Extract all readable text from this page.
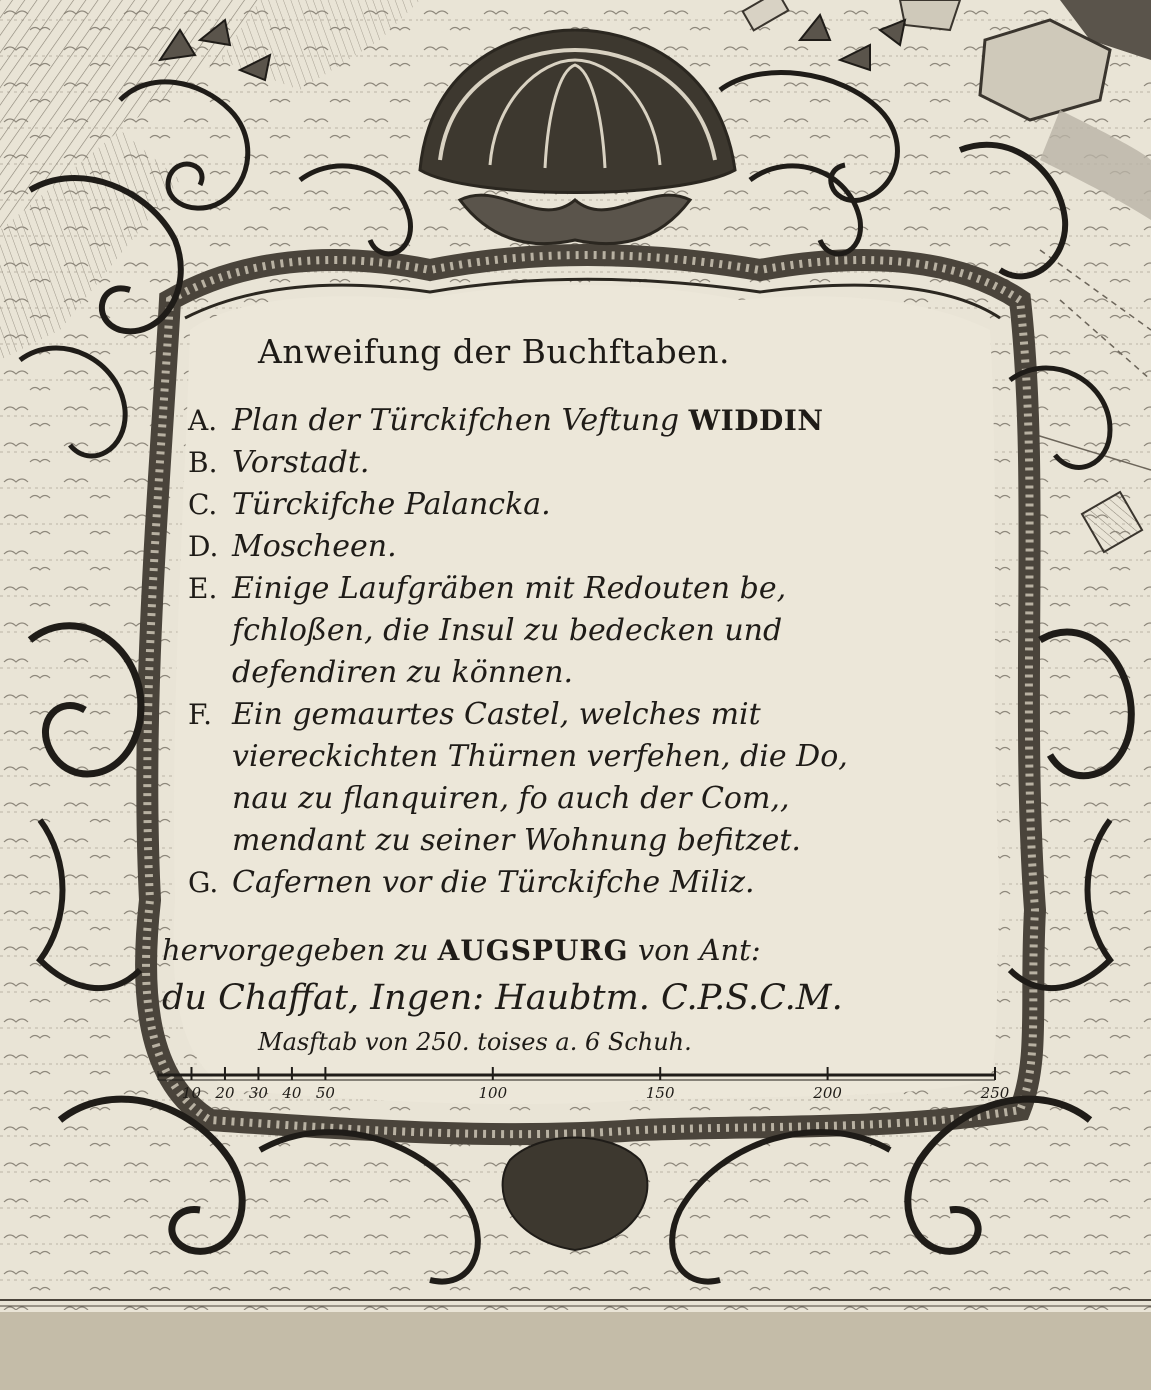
Anweifung der Buchftaben.
A. Plan der Türckifchen Veftung WIDDIN
B. Vorstadt.
C. Türckifche Palancka.
D. Moscheen.
E. Einige Laufgräben mit Redouten be,
fchloßen, die Insul zu bedecken und
defendiren zu können.
F. Ein gemaurtes Castel, welches mit
viereckichten Thürnen verfehen, die Do,
nau zu flanquiren, fo auch der Com,,
mendant zu seiner Wohnung befitzet.
G. Cafernen vor die Türckifche Miliz.
hervorgegeben zu AUGSPURG von Ant:
du Chaffat, Ingen: Haubtm. C.P.S.C.M.
Masftab von 250. toises a. 6 Schuh.
10 20 30 40 50	100	150	200	250
